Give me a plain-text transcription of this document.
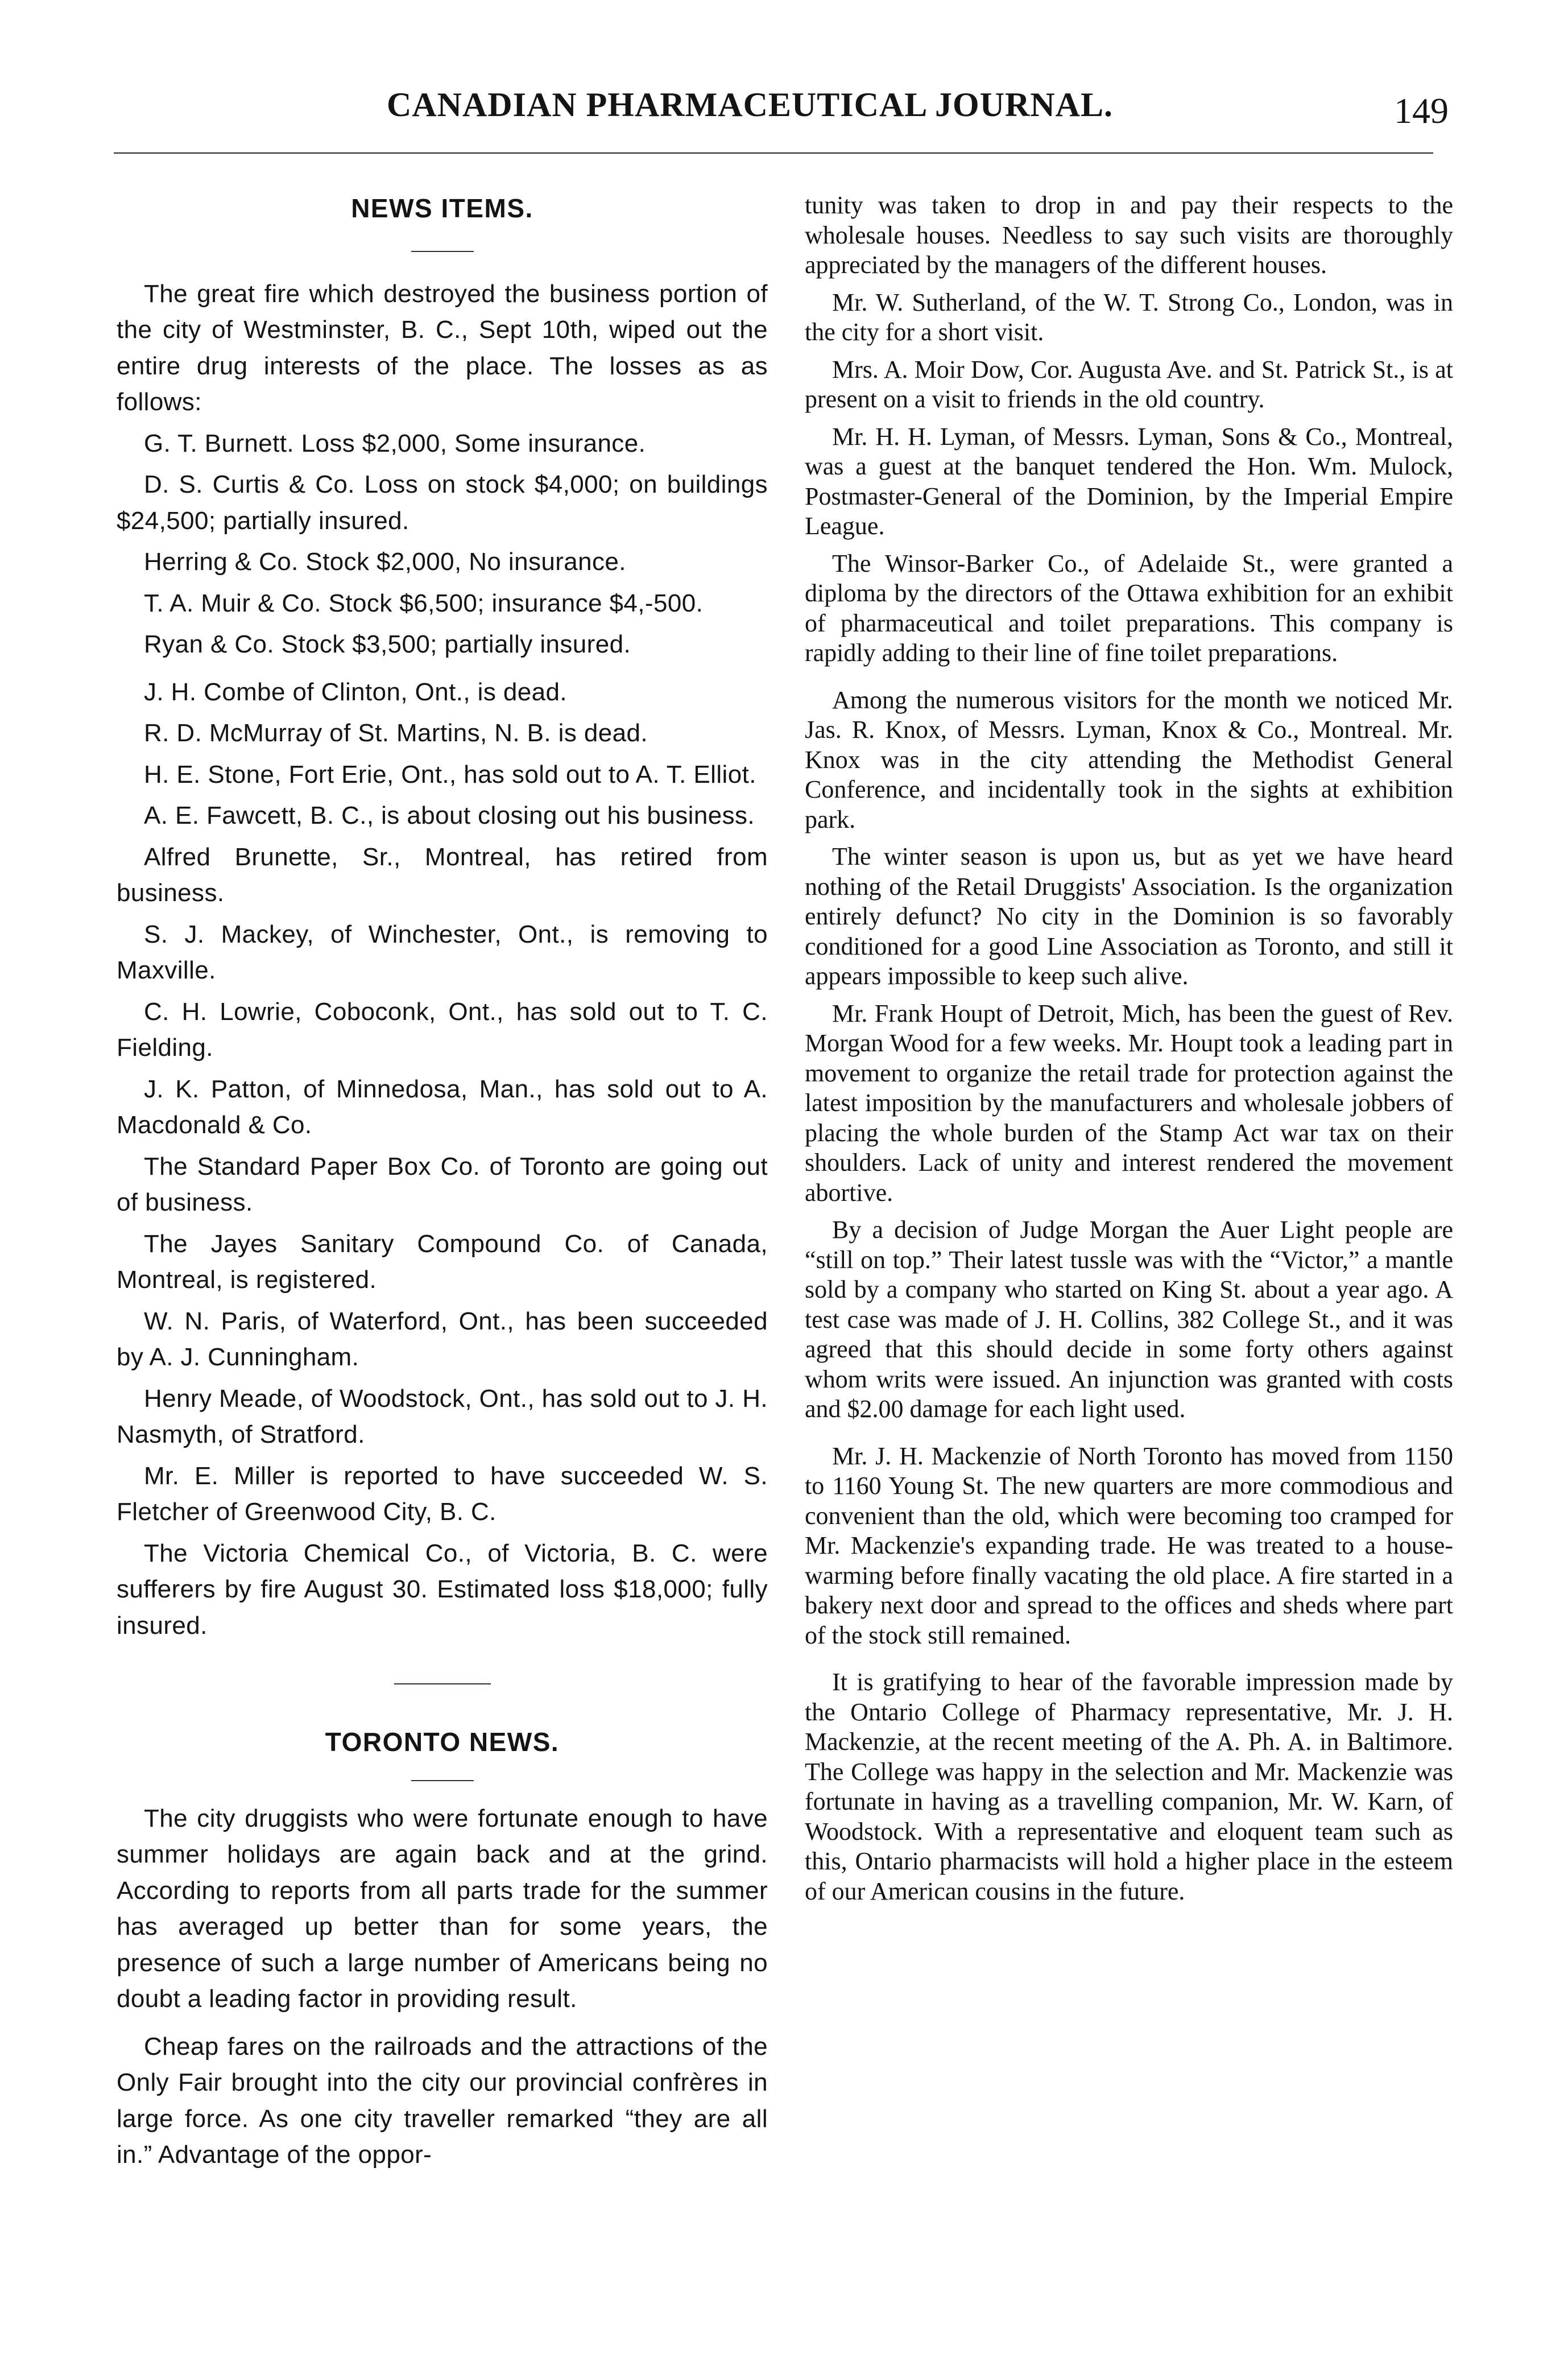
CANADIAN PHARMACEUTICAL JOURNAL.	149
NEWS ITEMS.

The great fire which destroyed the business portion of the city of Westminster, B. C., Sept 10th, wiped out the entire drug interests of the place. The losses as as follows:

G. T. Burnett. Loss $2,000, Some insurance.

D. S. Curtis & Co. Loss on stock $4,000; on buildings $24,500; partially insured.

Herring & Co. Stock $2,000, No insurance.

T. A. Muir & Co. Stock $6,500; insurance $4,-500.

Ryan & Co. Stock $3,500; partially insured.

J. H. Combe of Clinton, Ont., is dead.

R. D. McMurray of St. Martins, N. B. is dead.

H. E. Stone, Fort Erie, Ont., has sold out to A. T. Elliot.

A. E. Fawcett, B. C., is about closing out his business.

Alfred Brunette, Sr., Montreal, has retired from business.

S. J. Mackey, of Winchester, Ont., is removing to Maxville.

C. H. Lowrie, Coboconk, Ont., has sold out to T. C. Fielding.

J. K. Patton, of Minnedosa, Man., has sold out to A. Macdonald & Co.

The Standard Paper Box Co. of Toronto are going out of business.

The Jayes Sanitary Compound Co. of Canada, Montreal, is registered.

W. N. Paris, of Waterford, Ont., has been succeeded by A. J. Cunningham.

Henry Meade, of Woodstock, Ont., has sold out to J. H. Nasmyth, of Stratford.

Mr. E. Miller is reported to have succeeded W. S. Fletcher of Greenwood City, B. C.

The Victoria Chemical Co., of Victoria, B. C. were sufferers by fire August 30. Estimated loss $18,000; fully insured.

TORONTO NEWS.

The city druggists who were fortunate enough to have summer holidays are again back and at the grind. According to reports from all parts trade for the summer has averaged up better than for some years, the presence of such a large number of Americans being no doubt a leading factor in providing result.

Cheap fares on the railroads and the attractions of the Only Fair brought into the city our provincial confrères in large force. As one city traveller remarked “they are all in.” Advantage of the oppor-

tunity was taken to drop in and pay their respects to the wholesale houses. Needless to say such visits are thoroughly appreciated by the managers of the different houses.

Mr. W. Sutherland, of the W. T. Strong Co., London, was in the city for a short visit.

Mrs. A. Moir Dow, Cor. Augusta Ave. and St. Patrick St., is at present on a visit to friends in the old country.

Mr. H. H. Lyman, of Messrs. Lyman, Sons & Co., Montreal, was a guest at the banquet tendered the Hon. Wm. Mulock, Postmaster-General of the Dominion, by the Imperial Empire League.

The Winsor-Barker Co., of Adelaide St., were granted a diploma by the directors of the Ottawa exhibition for an exhibit of pharmaceutical and toilet preparations. This company is rapidly adding to their line of fine toilet preparations.

Among the numerous visitors for the month we noticed Mr. Jas. R. Knox, of Messrs. Lyman, Knox & Co., Montreal. Mr. Knox was in the city attending the Methodist General Conference, and incidentally took in the sights at exhibition park.

The winter season is upon us, but as yet we have heard nothing of the Retail Druggists' Association. Is the organization entirely defunct? No city in the Dominion is so favorably conditioned for a good Line Association as Toronto, and still it appears impossible to keep such alive.

Mr. Frank Houpt of Detroit, Mich, has been the guest of Rev. Morgan Wood for a few weeks. Mr. Houpt took a leading part in movement to organize the retail trade for protection against the latest imposition by the manufacturers and wholesale jobbers of placing the whole burden of the Stamp Act war tax on their shoulders. Lack of unity and interest rendered the movement abortive.

By a decision of Judge Morgan the Auer Light people are “still on top.” Their latest tussle was with the “Victor,” a mantle sold by a company who started on King St. about a year ago. A test case was made of J. H. Collins, 382 College St., and it was agreed that this should decide in some forty others against whom writs were issued. An injunction was granted with costs and $2.00 damage for each light used.

Mr. J. H. Mackenzie of North Toronto has moved from 1150 to 1160 Young St. The new quarters are more commodious and convenient than the old, which were becoming too cramped for Mr. Mackenzie's expanding trade. He was treated to a house-warming before finally vacating the old place. A fire started in a bakery next door and spread to the offices and sheds where part of the stock still remained.

It is gratifying to hear of the favorable impression made by the Ontario College of Pharmacy representative, Mr. J. H. Mackenzie, at the recent meeting of the A. Ph. A. in Baltimore. The College was happy in the selection and Mr. Mackenzie was fortunate in having as a travelling companion, Mr. W. Karn, of Woodstock. With a representative and eloquent team such as this, Ontario pharmacists will hold a higher place in the esteem of our American cousins in the future.
